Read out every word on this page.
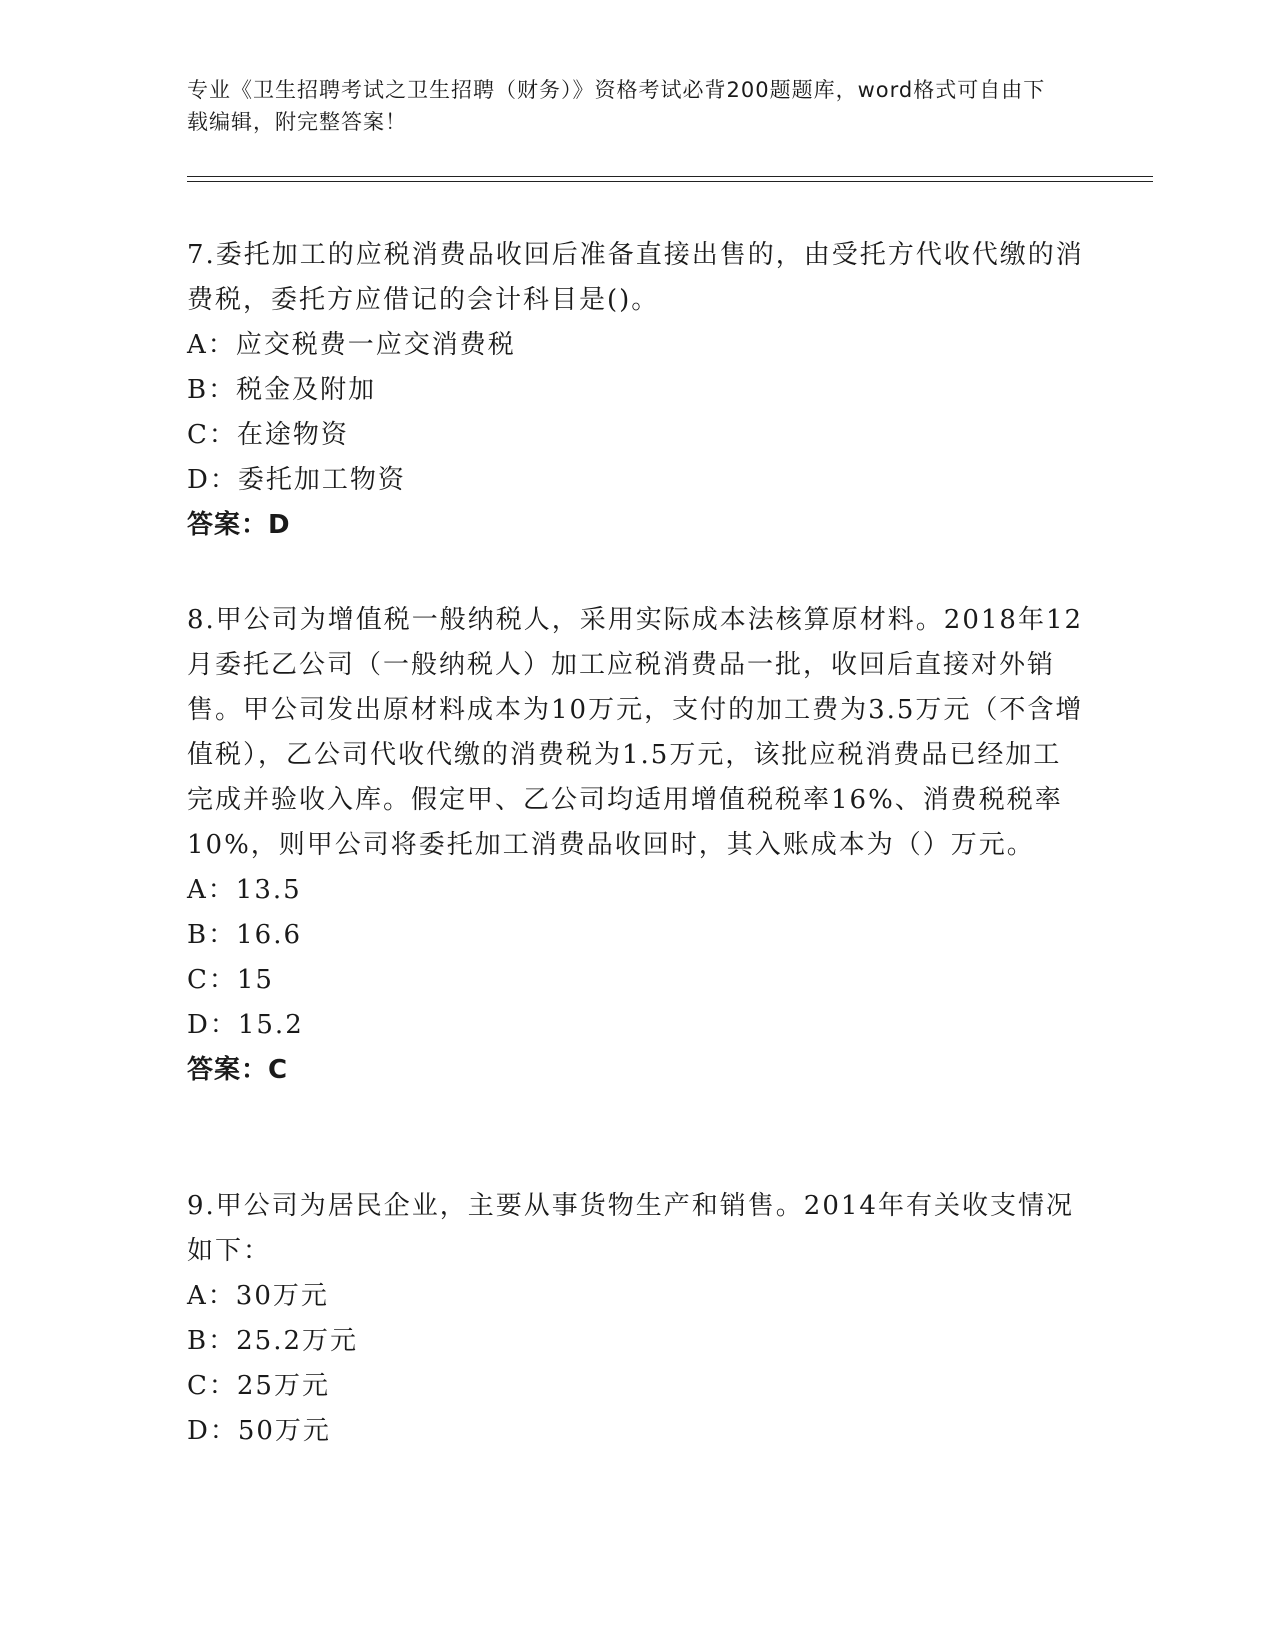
专业《卫生招聘考试之卫生招聘（财务）》资格考试必背200题题库，word格式可自由下载编辑，附完整答案！

7.委托加工的应税消费品收回后准备直接出售的，由受托方代收代缴的消费税，委托方应借记的会计科目是()。

A：应交税费一应交消费税

B：税金及附加

C：在途物资

D：委托加工物资

答案：D

8.甲公司为增值税一般纳税人，采用实际成本法核算原材料。2018年12月委托乙公司（一般纳税人）加工应税消费品一批，收回后直接对外销售。甲公司发出原材料成本为10万元，支付的加工费为3.5万元（不含增值税），乙公司代收代缴的消费税为1.5万元，该批应税消费品已经加工完成并验收入库。假定甲、乙公司均适用增值税税率16%、消费税税率10%，则甲公司将委托加工消费品收回时，其入账成本为（）万元。

A：13.5

B：16.6

C：15

D：15.2

答案：C

9.甲公司为居民企业，主要从事货物生产和销售。2014年有关收支情况如下：

A：30万元

B：25.2万元

C：25万元

D：50万元
